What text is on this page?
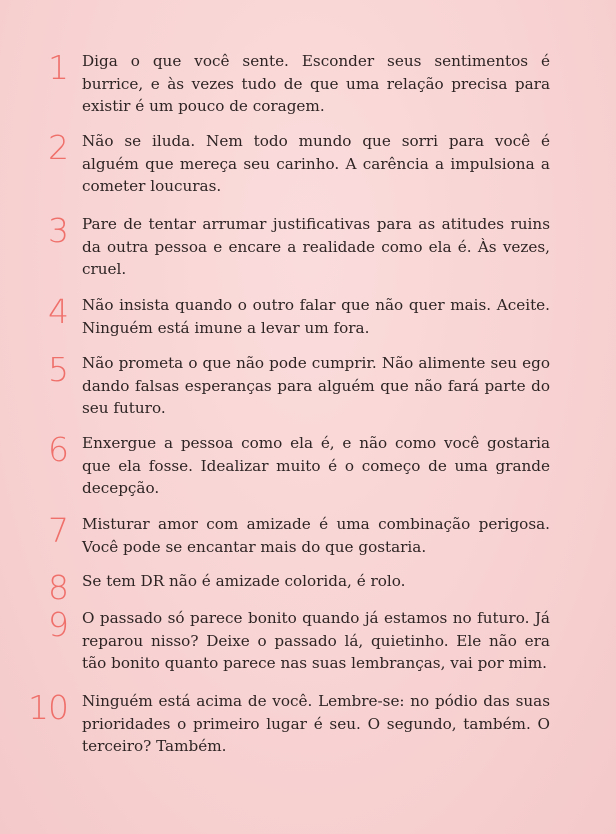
1 Diga o que você sente. Esconder seus sentimentos é burrice, e às vezes tudo de que uma relação precisa para existir é um pouco de coragem.

2 Não se iluda. Nem todo mundo que sorri para você é alguém que mereça seu carinho. A carência a impulsiona a cometer loucuras.

3 Pare de tentar arrumar justificativas para as atitudes ruins da outra pessoa e encare a realidade como ela é. Às vezes, cruel.

4 Não insista quando o outro falar que não quer mais. Aceite. Ninguém está imune a levar um fora.

5 Não prometa o que não pode cumprir. Não alimente seu ego dando falsas esperanças para alguém que não fará parte do seu futuro.

6 Enxergue a pessoa como ela é, e não como você gostaria que ela fosse. Idealizar muito é o começo de uma grande decepção.

7 Misturar amor com amizade é uma combinação perigosa. Você pode se encantar mais do que gostaria.

8 Se tem DR não é amizade colorida, é rolo.

9 O passado só parece bonito quando já estamos no futuro. Já reparou nisso? Deixe o passado lá, quietinho. Ele não era tão bonito quanto parece nas suas lembranças, vai por mim.

10 Ninguém está acima de você. Lembre-se: no pódio das suas prioridades o primeiro lugar é seu. O segundo, também. O terceiro? Também.
